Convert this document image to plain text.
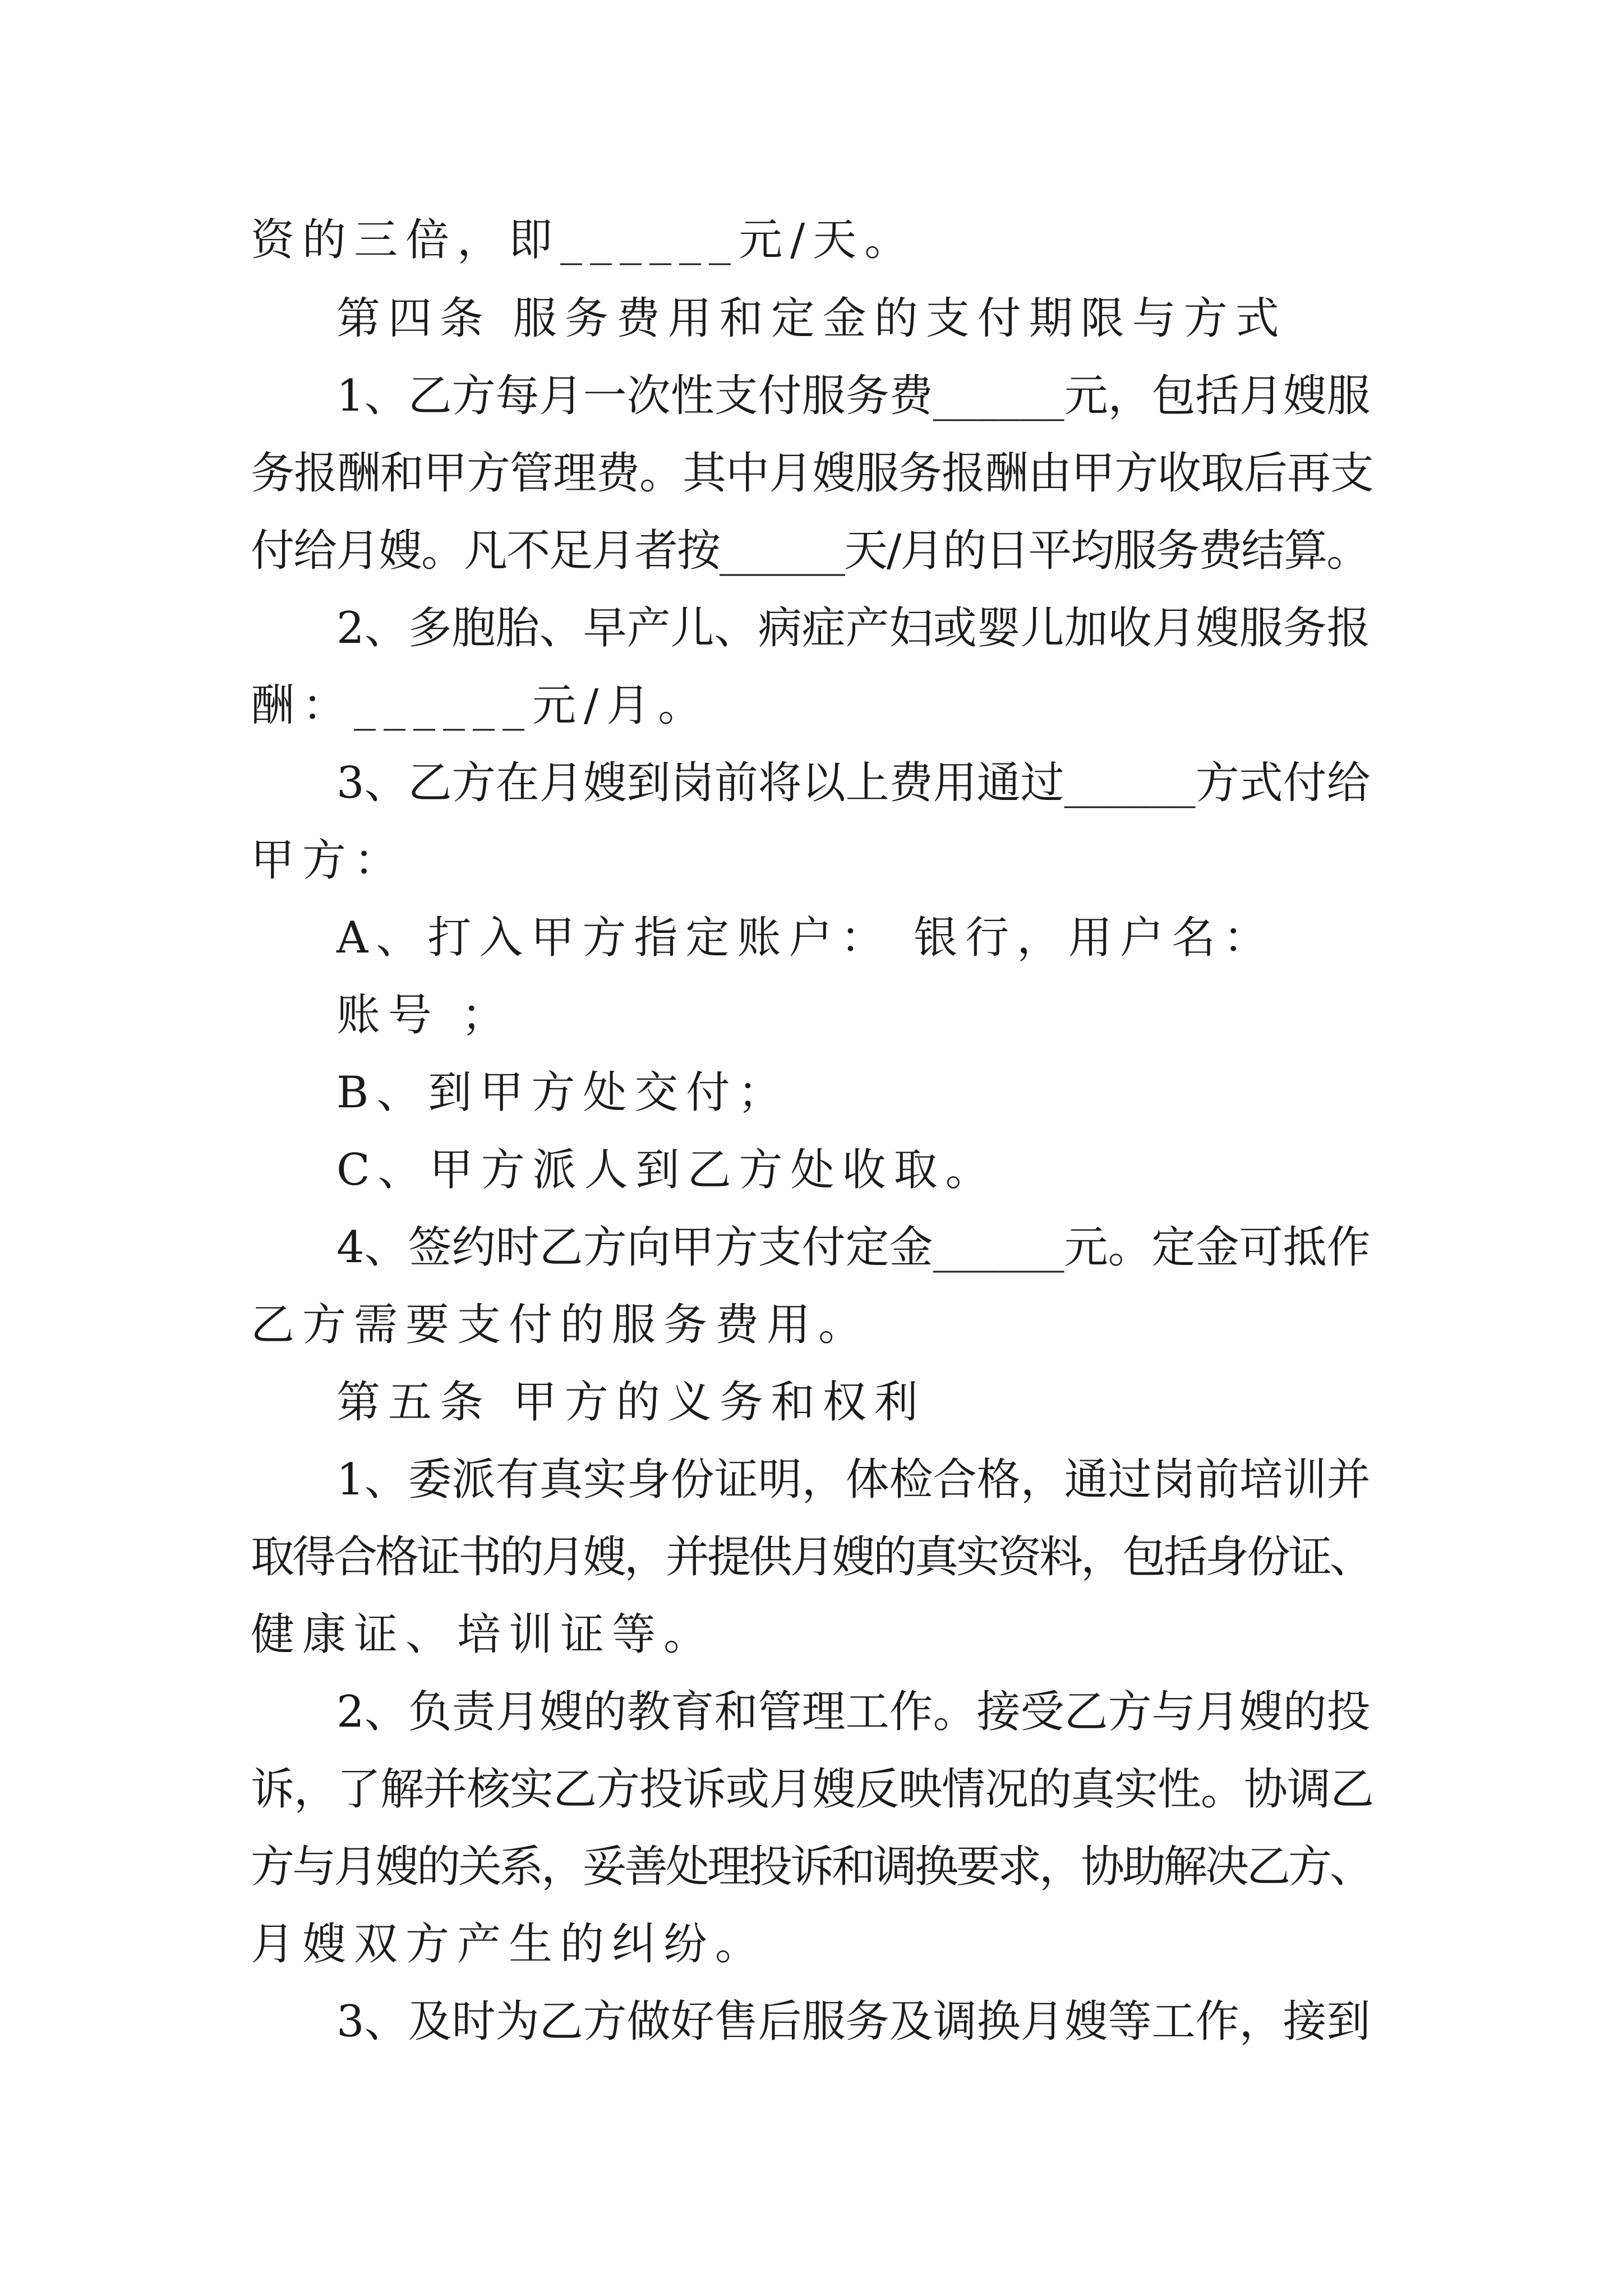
资的三倍，即______元/天。
第四条 服务费用和定金的支付期限与方式
1、乙方每月一次性支付服务费______元，包括月嫂服
务报酬和甲方管理费。其中月嫂服务报酬由甲方收取后再支
付给月嫂。凡不足月者按______天/月的日平均服务费结算。
2、多胞胎、早产儿、病症产妇或婴儿加收月嫂服务报
酬：______元/月。
3、乙方在月嫂到岗前将以上费用通过______方式付给
甲方：
A、打入甲方指定账户： 银行，用户名：
账号 ；
B、到甲方处交付；
C、甲方派人到乙方处收取。
4、签约时乙方向甲方支付定金______元。定金可抵作
乙方需要支付的服务费用。
第五条 甲方的义务和权利
1、委派有真实身份证明，体检合格，通过岗前培训并
取得合格证书的月嫂，并提供月嫂的真实资料，包括身份证、
健康证、培训证等。
2、负责月嫂的教育和管理工作。接受乙方与月嫂的投
诉，了解并核实乙方投诉或月嫂反映情况的真实性。协调乙
方与月嫂的关系，妥善处理投诉和调换要求，协助解决乙方、
月嫂双方产生的纠纷。
3、及时为乙方做好售后服务及调换月嫂等工作，接到
